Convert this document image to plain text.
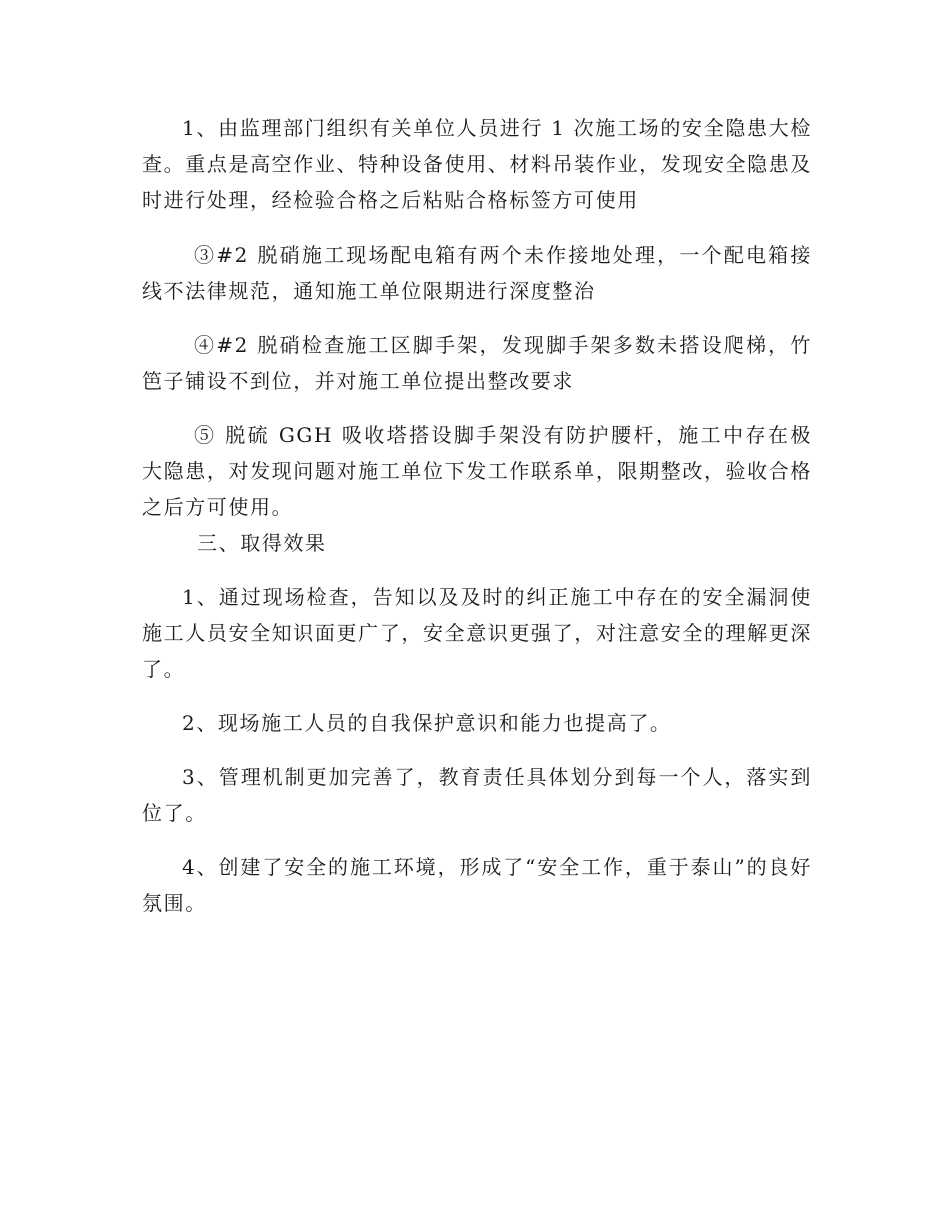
1、由监理部门组织有关单位人员进行 1 次施工场的安全隐患大检查。重点是高空作业、特种设备使用、材料吊装作业，发现安全隐患及时进行处理，经检验合格之后粘贴合格标签方可使用

③#2 脱硝施工现场配电箱有两个未作接地处理，一个配电箱接线不法律规范，通知施工单位限期进行深度整治

④#2 脱硝检查施工区脚手架，发现脚手架多数未搭设爬梯，竹笆子铺设不到位，并对施工单位提出整改要求

⑤ 脱硫 GGH 吸收塔搭设脚手架没有防护腰杆，施工中存在极大隐患，对发现问题对施工单位下发工作联系单，限期整改，验收合格之后方可使用。

三、取得效果

1、通过现场检查，告知以及及时的纠正施工中存在的安全漏洞使施工人员安全知识面更广了，安全意识更强了，对注意安全的理解更深了。

2、现场施工人员的自我保护意识和能力也提高了。

3、管理机制更加完善了，教育责任具体划分到每一个人，落实到位了。

4、创建了安全的施工环境，形成了“安全工作，重于泰山”的良好氛围。
